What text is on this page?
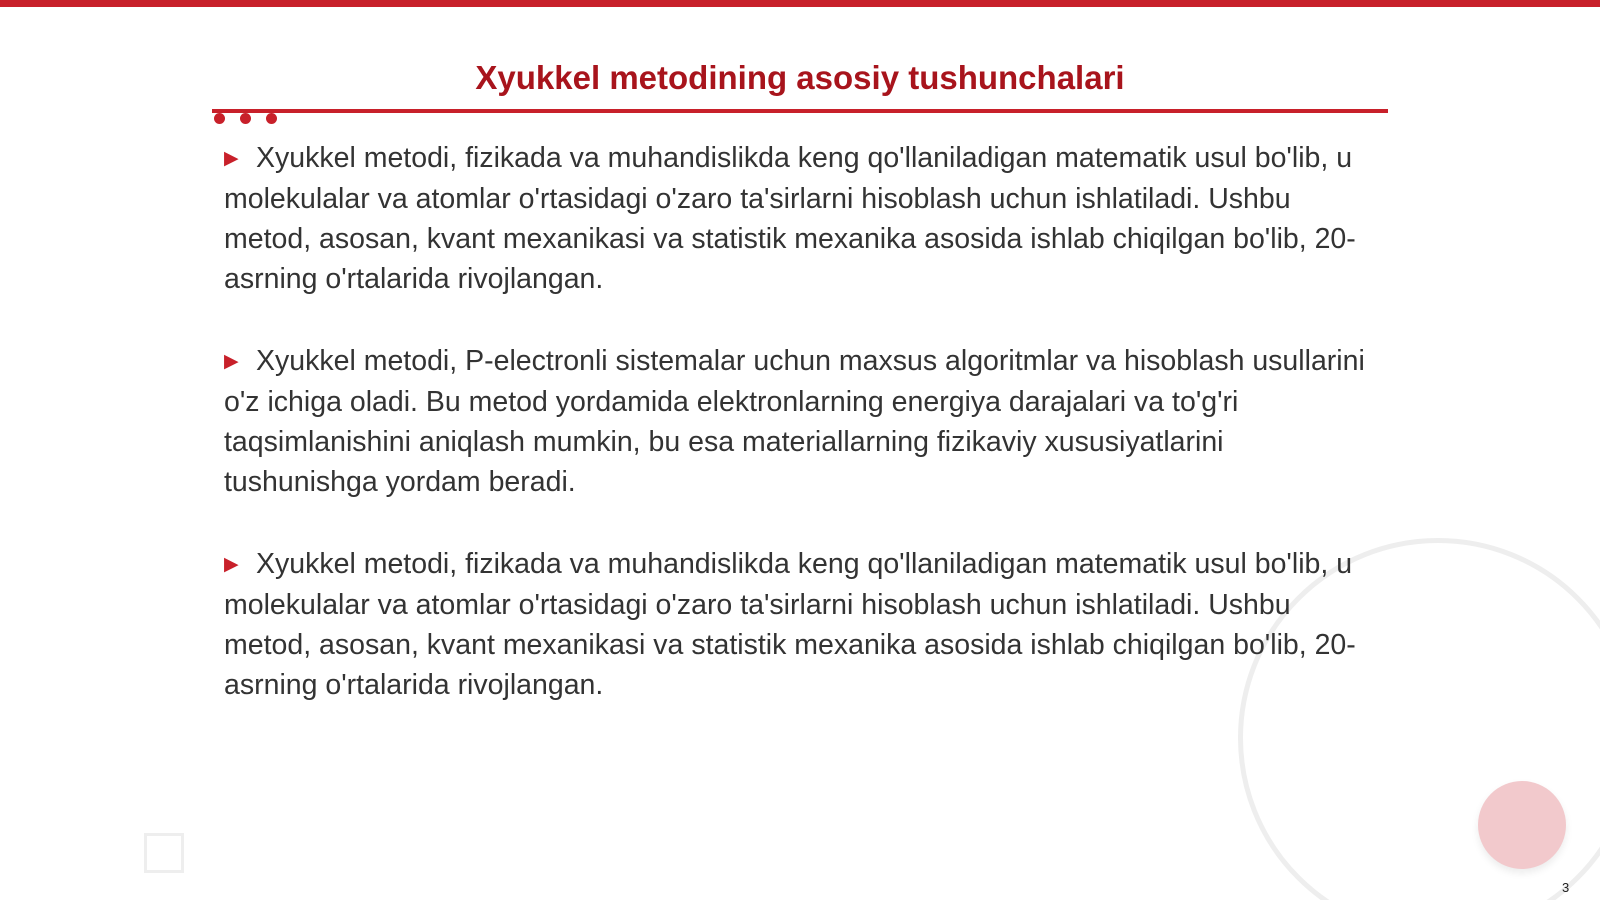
Xyukkel metodining asosiy tushunchalari

▶ Xyukkel metodi, fizikada va muhandislikda keng qo'llaniladigan matematik usul bo'lib, u molekulalar va atomlar o'rtasidagi o'zaro ta'sirlarni hisoblash uchun ishlatiladi. Ushbu metod, asosan, kvant mexanikasi va statistik mexanika asosida ishlab chiqilgan bo'lib, 20-asrning o'rtalarida rivojlangan.

▶ Xyukkel metodi, P-electronli sistemalar uchun maxsus algoritmlar va hisoblash usullarini o'z ichiga oladi. Bu metod yordamida elektronlarning energiya darajalari va to'g'ri taqsimlanishini aniqlash mumkin, bu esa materiallarning fizikaviy xususiyatlarini tushunishga yordam beradi.

▶ Xyukkel metodi, fizikada va muhandislikda keng qo'llaniladigan matematik usul bo'lib, u molekulalar va atomlar o'rtasidagi o'zaro ta'sirlarni hisoblash uchun ishlatiladi. Ushbu metod, asosan, kvant mexanikasi va statistik mexanika asosida ishlab chiqilgan bo'lib, 20-asrning o'rtalarida rivojlangan.

3
